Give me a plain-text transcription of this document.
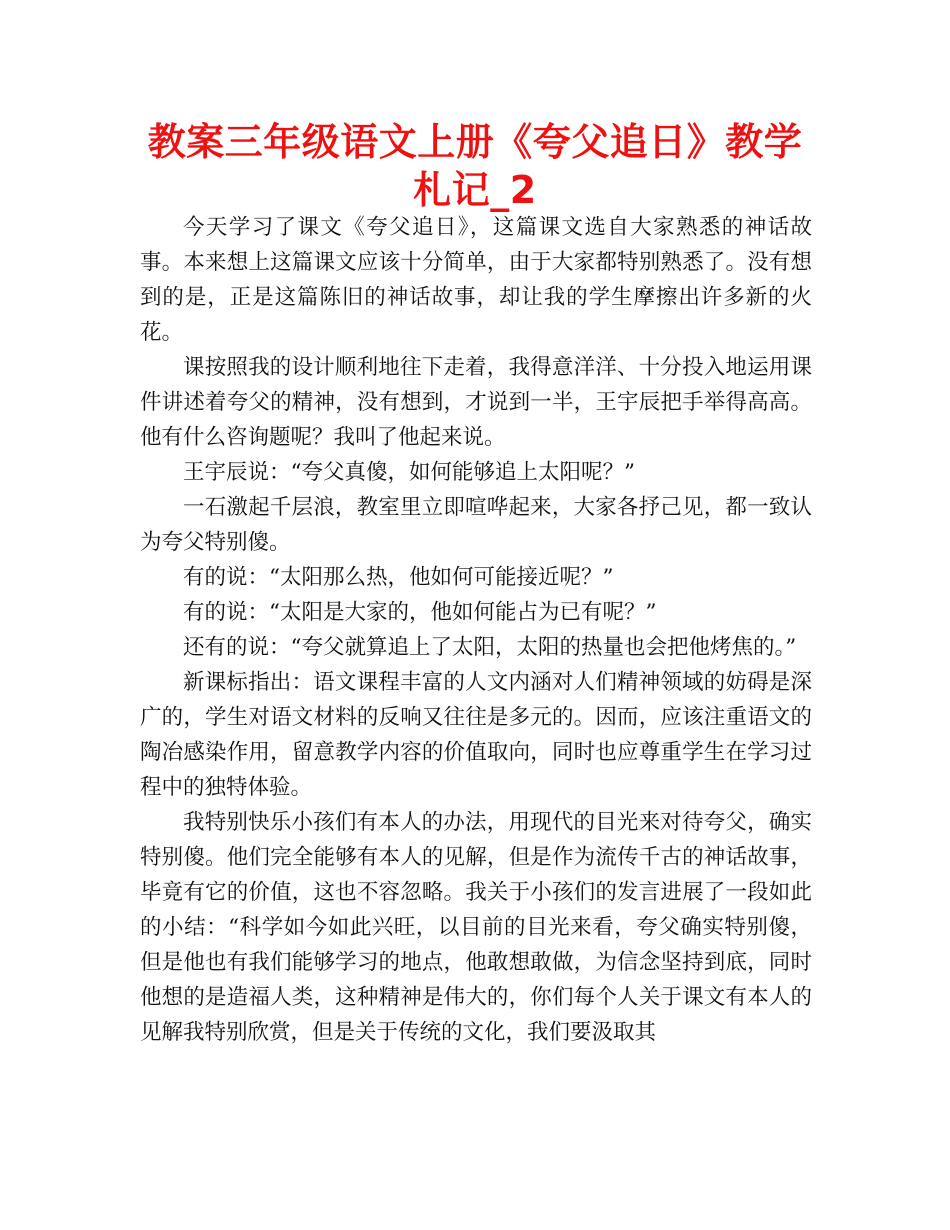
教案三年级语文上册《夸父追日》教学札记_2

今天学习了课文《夸父追日》，这篇课文选自大家熟悉的神话故事。本来想上这篇课文应该十分简单，由于大家都特别熟悉了。没有想到的是，正是这篇陈旧的神话故事，却让我的学生摩擦出许多新的火花。

课按照我的设计顺利地往下走着，我得意洋洋、十分投入地运用课件讲述着夸父的精神，没有想到，才说到一半，王宇辰把手举得高高。他有什么咨询题呢？我叫了他起来说。

王宇辰说：“夸父真傻，如何能够追上太阳呢？”

一石激起千层浪，教室里立即喧哗起来，大家各抒己见，都一致认为夸父特别傻。

有的说：“太阳那么热，他如何可能接近呢？”

有的说：“太阳是大家的，他如何能占为已有呢？”

还有的说：“夸父就算追上了太阳，太阳的热量也会把他烤焦的。”

新课标指出：语文课程丰富的人文内涵对人们精神领域的妨碍是深广的，学生对语文材料的反响又往往是多元的。因而，应该注重语文的陶冶感染作用，留意教学内容的价值取向，同时也应尊重学生在学习过程中的独特体验。

我特别快乐小孩们有本人的办法，用现代的目光来对待夸父，确实特别傻。他们完全能够有本人的见解，但是作为流传千古的神话故事，毕竟有它的价值，这也不容忽略。我关于小孩们的发言进展了一段如此的小结：“科学如今如此兴旺，以目前的目光来看，夸父确实特别傻，但是他也有我们能够学习的地点，他敢想敢做，为信念坚持到底，同时他想的是造福人类，这种精神是伟大的，你们每个人关于课文有本人的见解我特别欣赏，但是关于传统的文化，我们要汲取其
